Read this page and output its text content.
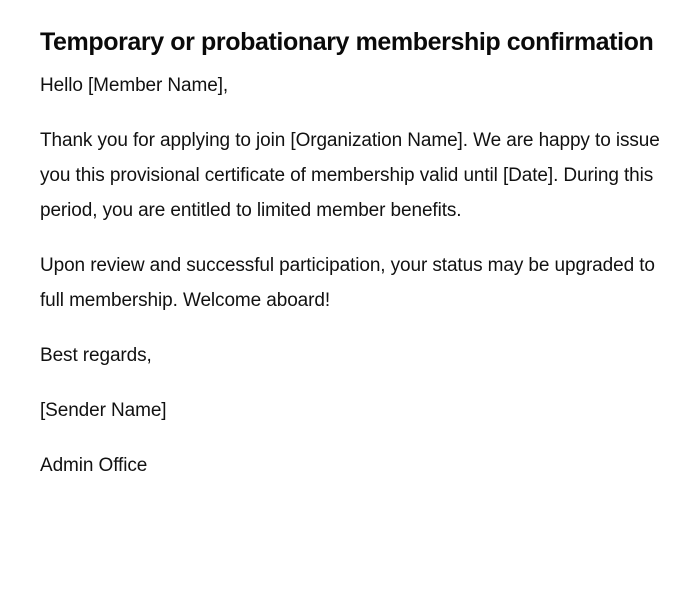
Temporary or probationary membership confirmation

Hello [Member Name],

Thank you for applying to join [Organization Name]. We are happy to issue you this provisional certificate of membership valid until [Date]. During this period, you are entitled to limited member benefits.

Upon review and successful participation, your status may be upgraded to full membership. Welcome aboard!

Best regards,

[Sender Name]

Admin Office
